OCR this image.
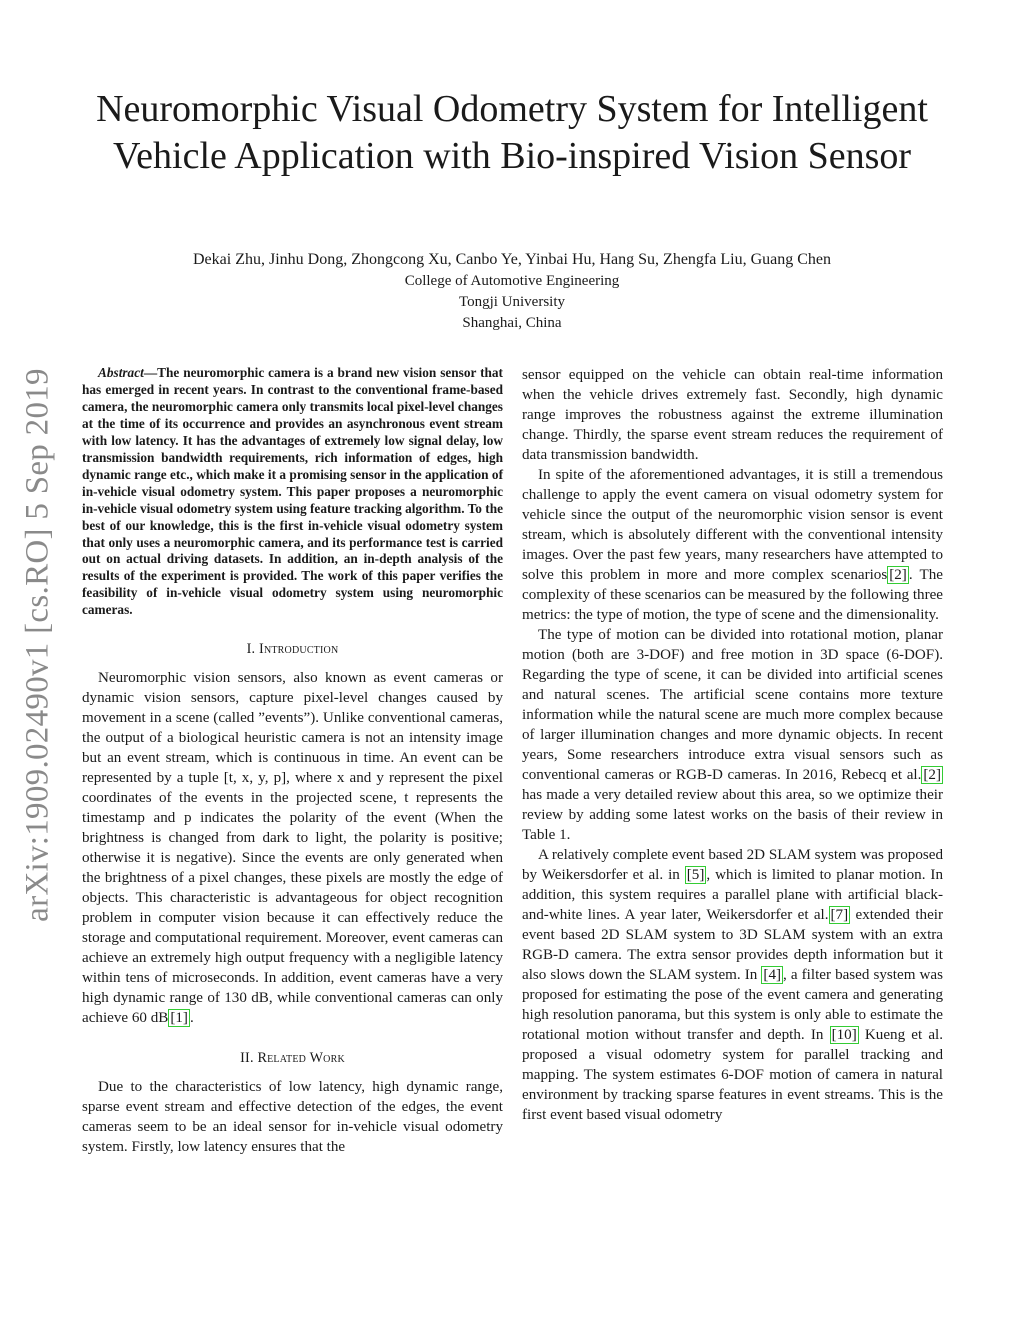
Neuromorphic Visual Odometry System for Intelligent Vehicle Application with Bio-inspired Vision Sensor
Dekai Zhu, Jinhu Dong, Zhongcong Xu, Canbo Ye, Yinbai Hu, Hang Su, Zhengfa Liu, Guang Chen
College of Automotive Engineering
Tongji University
Shanghai, China
arXiv:1909.02490v1 [cs.RO] 5 Sep 2019	Abstract—The neuromorphic camera is a brand new vision sensor that has emerged in recent years. In contrast to the conventional frame-based camera, the neuromorphic camera only transmits local pixel-level changes at the time of its occurrence and provides an asynchronous event stream with low latency. It has the advantages of extremely low signal delay, low transmission bandwidth requirements, rich information of edges, high dynamic range etc., which make it a promising sensor in the application of in-vehicle visual odometry system. This paper proposes a neuromorphic in-vehicle visual odometry system using feature tracking algorithm. To the best of our knowledge, this is the first in-vehicle visual odometry system that only uses a neuromorphic camera, and its performance test is carried out on actual driving datasets. In addition, an in-depth analysis of the results of the experiment is provided. The work of this paper verifies the feasibility of in-vehicle visual odometry system using neuromorphic cameras.

I. Introduction

Neuromorphic vision sensors, also known as event cameras or dynamic vision sensors, capture pixel-level changes caused by movement in a scene (called ”events”). Unlike conventional cameras, the output of a biological heuristic camera is not an intensity image but an event stream, which is continuous in time. An event can be represented by a tuple [t, x, y, p], where x and y represent the pixel coordinates of the events in the projected scene, t represents the timestamp and p indicates the polarity of the event (When the brightness is changed from dark to light, the polarity is positive; otherwise it is negative). Since the events are only generated when the brightness of a pixel changes, these pixels are mostly the edge of objects. This characteristic is advantageous for object recognition problem in computer vision because it can effectively reduce the storage and computational requirement. Moreover, event cameras can achieve an extremely high output frequency with a negligible latency within tens of microseconds. In addition, event cameras have a very high dynamic range of 130 dB, while conventional cameras can only achieve 60 dB [1] .

II. Related Work

Due to the characteristics of low latency, high dynamic range, sparse event stream and effective detection of the edges, the event cameras seem to be an ideal sensor for in-vehicle visual odometry system. Firstly, low latency ensures that the

sensor equipped on the vehicle can obtain real-time information when the vehicle drives extremely fast. Secondly, high dynamic range improves the robustness against the extreme illumination change. Thirdly, the sparse event stream reduces the requirement of data transmission bandwidth.

In spite of the aforementioned advantages, it is still a tremendous challenge to apply the event camera on visual odometry system for vehicle since the output of the neuromorphic vision sensor is event stream, which is absolutely different with the conventional intensity images. Over the past few years, many researchers have attempted to solve this problem in more and more complex scenarios [2] . The complexity of these scenarios can be measured by the following three metrics: the type of motion, the type of scene and the dimensionality.

The type of motion can be divided into rotational motion, planar motion (both are 3-DOF) and free motion in 3D space (6-DOF). Regarding the type of scene, it can be divided into artificial scenes and natural scenes. The artificial scene contains more texture information while the natural scene are much more complex because of larger illumination changes and more dynamic objects. In recent years, Some researchers introduce extra visual sensors such as conventional cameras or RGB-D cameras. In 2016, Rebecq et al. [2] has made a very detailed review about this area, so we optimize their review by adding some latest works on the basis of their review in Table 1.

A relatively complete event based 2D SLAM system was proposed by Weikersdorfer et al. in [5] , which is limited to planar motion. In addition, this system requires a parallel plane with artificial black-and-white lines. A year later, Weikersdorfer et al. [7] extended their event based 2D SLAM system to 3D SLAM system with an extra RGB-D camera. The extra sensor provides depth information but it also slows down the SLAM system. In [4] , a filter based system was proposed for estimating the pose of the event camera and generating high resolution panorama, but this system is only able to estimate the rotational motion without transfer and depth. In [10] Kueng et al. proposed a visual odometry system for parallel tracking and mapping. The system estimates 6-DOF motion of camera in natural environment by tracking sparse features in event streams. This is the first event based visual odometry
